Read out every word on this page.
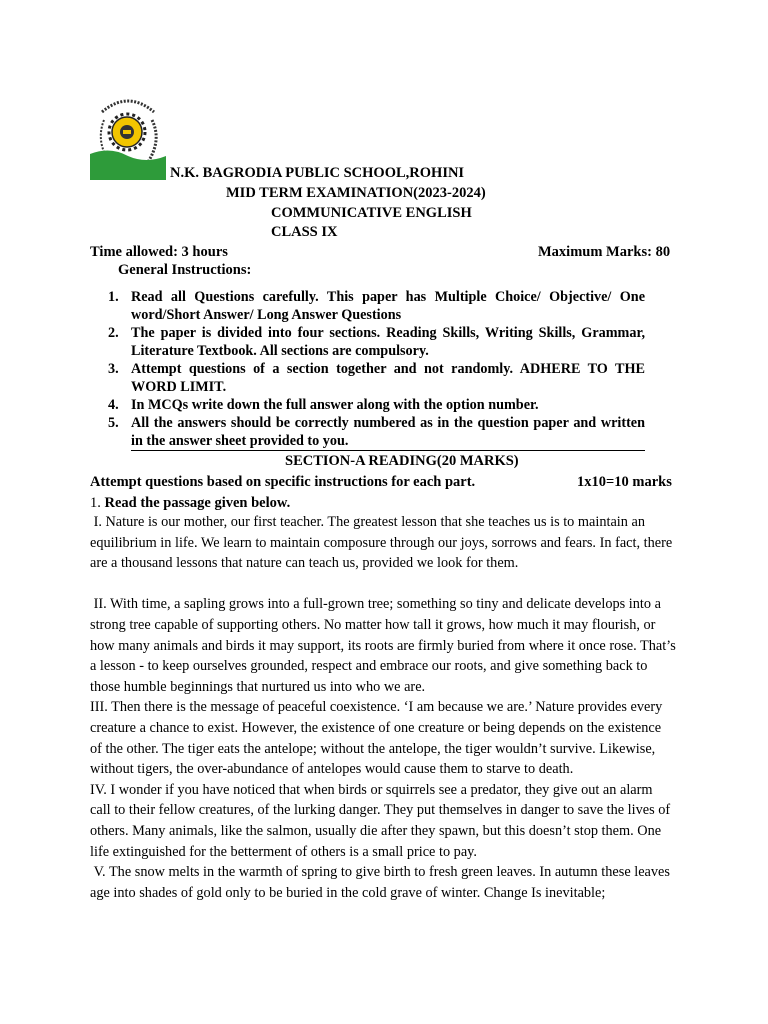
N.K. BAGRODIA PUBLIC SCHOOL,ROHINI
MID TERM EXAMINATION(2023-2024)
COMMUNICATIVE ENGLISH
CLASS IX
Time allowed: 3 hours	Maximum Marks: 80
General Instructions:
1. Read all Questions carefully. This paper has Multiple Choice/ Objective/ One word/Short Answer/ Long Answer Questions
2. The paper is divided into four sections. Reading Skills, Writing Skills, Grammar, Literature Textbook. All sections are compulsory.
3. Attempt questions of a section together and not randomly. ADHERE TO THE WORD LIMIT.
4. In MCQs write down the full answer along with the option number.
5. All the answers should be correctly numbered as in the question paper and written in the answer sheet provided to you.
SECTION-A READING(20 MARKS)
Attempt questions based on specific instructions for each part.	1x10=10 marks
1. Read the passage given below.

I. Nature is our mother, our first teacher. The greatest lesson that she teaches us is to maintain an equilibrium in life. We learn to maintain composure through our joys, sorrows and fears. In fact, there are a thousand lessons that nature can teach us, provided we look for them.

II. With time, a sapling grows into a full-grown tree; something so tiny and delicate develops into a strong tree capable of supporting others. No matter how tall it grows, how much it may flourish, or how many animals and birds it may support, its roots are firmly buried from where it once rose. That’s a lesson - to keep ourselves grounded, respect and embrace our roots, and give something back to those humble beginnings that nurtured us into who we are.

III. Then there is the message of peaceful coexistence. ‘I am because we are.’ Nature provides every creature a chance to exist. However, the existence of one creature or being depends on the existence of the other. The tiger eats the antelope; without the antelope, the tiger wouldn’t survive. Likewise, without tigers, the over-abundance of antelopes would cause them to starve to death.

IV. I wonder if you have noticed that when birds or squirrels see a predator, they give out an alarm call to their fellow creatures, of the lurking danger. They put themselves in danger to save the lives of others. Many animals, like the salmon, usually die after they spawn, but this doesn’t stop them. One life extinguished for the betterment of others is a small price to pay.

V. The snow melts in the warmth of spring to give birth to fresh green leaves. In autumn these leaves age into shades of gold only to be buried in the cold grave of winter. Change Is inevitable;
